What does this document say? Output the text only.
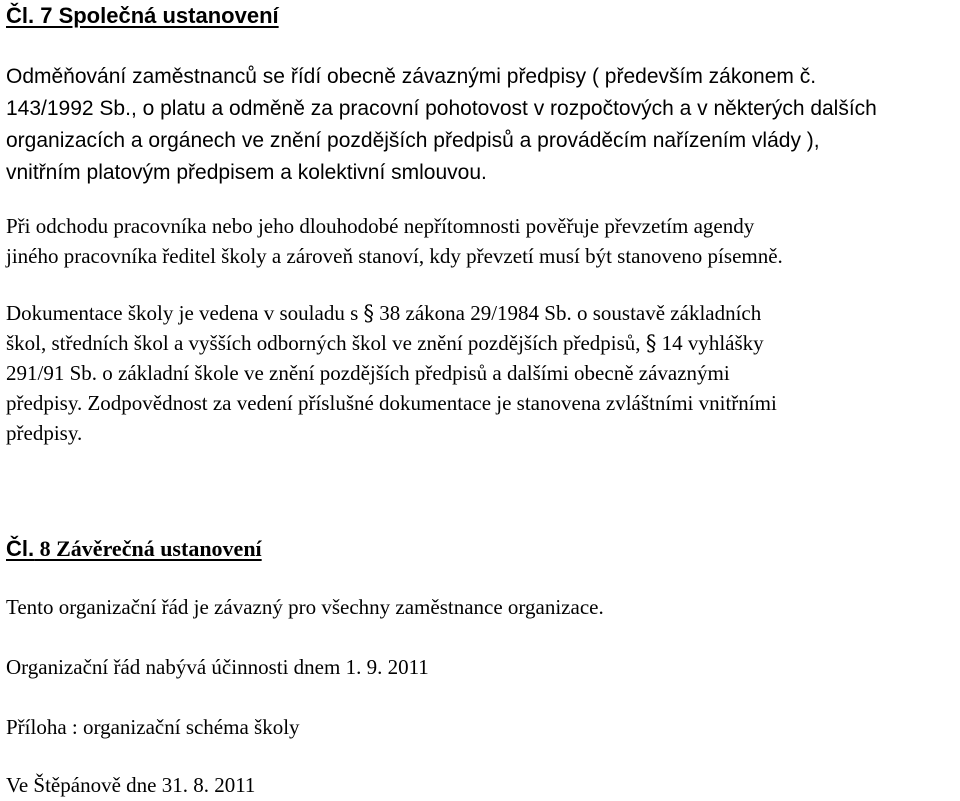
Čl. 7 Společná ustanovení

Odměňování zaměstnanců se řídí obecně závaznými předpisy ( především zákonem č.
143/1992 Sb., o platu a odměně za pracovní pohotovost v rozpočtových a v některých dalších
organizacích a orgánech ve znění pozdějších předpisů a prováděcím nařízením vlády ),
vnitřním platovým předpisem a kolektivní smlouvou.

Při odchodu pracovníka nebo jeho dlouhodobé nepřítomnosti pověřuje převzetím agendy
jiného pracovníka ředitel školy a zároveň stanoví, kdy převzetí musí být stanoveno písemně.

Dokumentace školy je vedena v souladu s § 38 zákona 29/1984 Sb. o soustavě základních
škol, středních škol a vyšších odborných škol ve znění pozdějších předpisů, § 14 vyhlášky
291/91 Sb. o základní škole ve znění pozdějších předpisů a dalšími obecně závaznými
předpisy. Zodpovědnost za vedení příslušné dokumentace je stanovena zvláštními vnitřními
předpisy.

Čl. 8 Závěrečná ustanovení

Tento organizační řád je závazný pro všechny zaměstnance organizace.

Organizační řád nabývá účinnosti dnem 1. 9. 2011

Příloha : organizační schéma školy

Ve Štěpánově dne 31. 8. 2011
